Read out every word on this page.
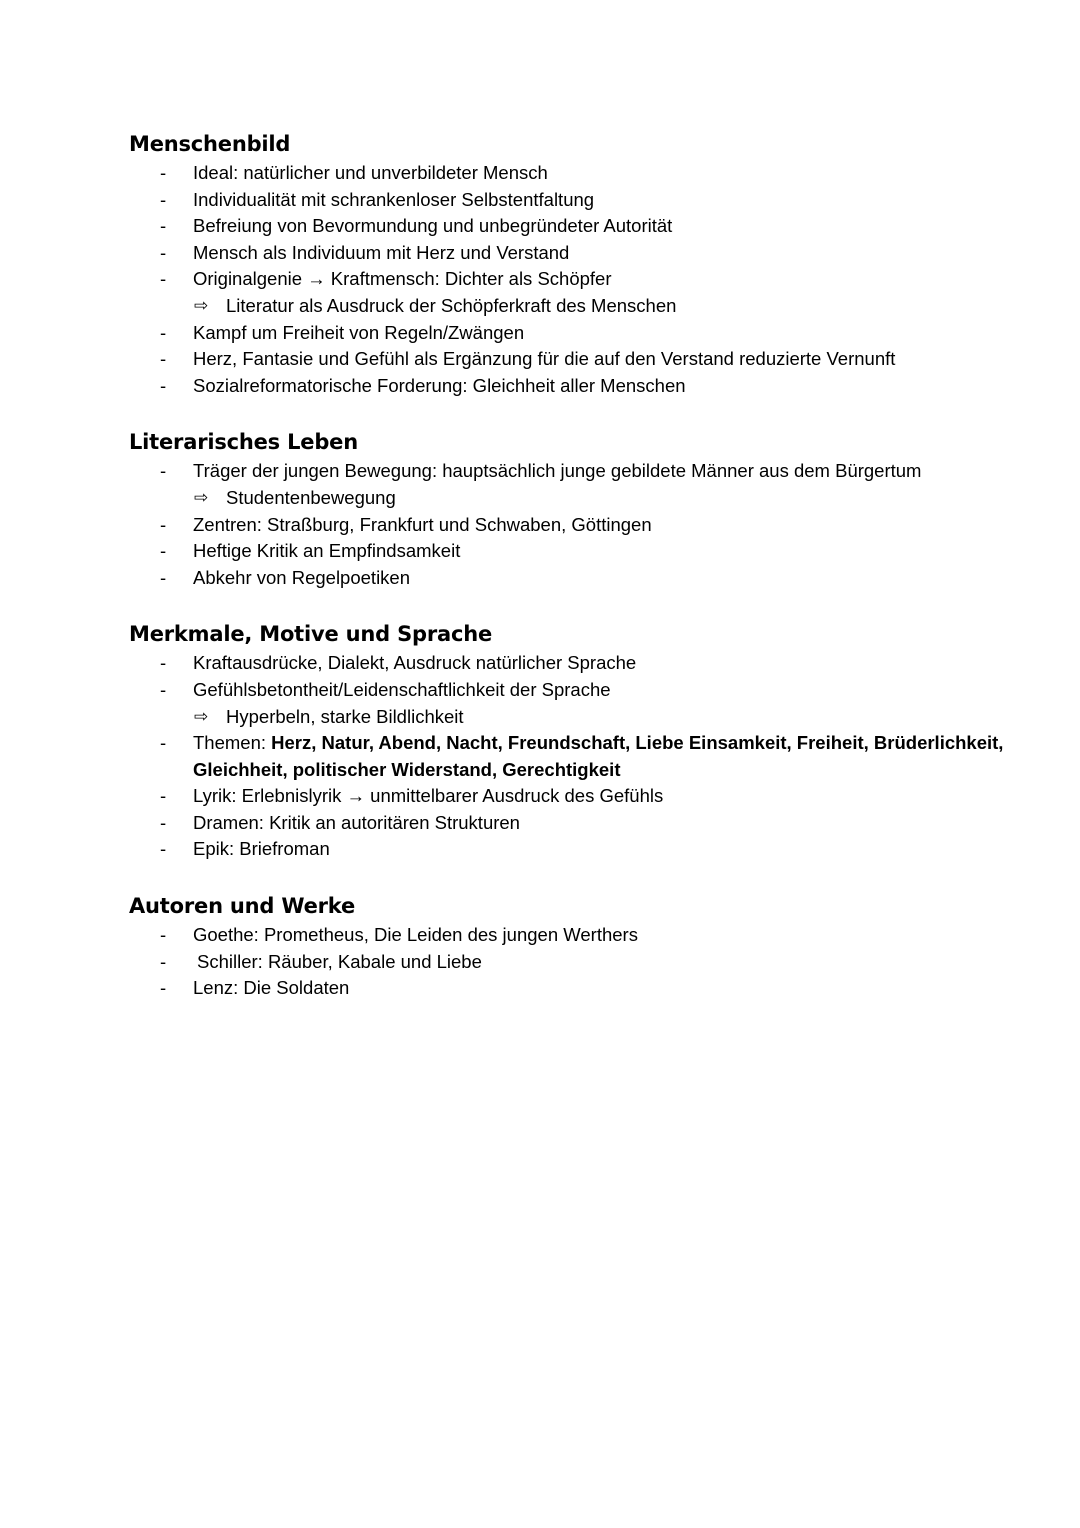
Menschenbild
- Ideal: natürlicher und unverbildeter Mensch
- Individualität mit schrankenloser Selbstentfaltung
- Befreiung von Bevormundung und unbegründeter Autorität
- Mensch als Individuum mit Herz und Verstand
- Originalgenie → Kraftmensch: Dichter als Schöpfer
⇨ Literatur als Ausdruck der Schöpferkraft des Menschen
- Kampf um Freiheit von Regeln/Zwängen
- Herz, Fantasie und Gefühl als Ergänzung für die auf den Verstand reduzierte Vernunft
- Sozialreformatorische Forderung: Gleichheit aller Menschen
Literarisches Leben
- Träger der jungen Bewegung: hauptsächlich junge gebildete Männer aus dem Bürgertum
⇨ Studentenbewegung
- Zentren: Straßburg, Frankfurt und Schwaben, Göttingen
- Heftige Kritik an Empfindsamkeit
- Abkehr von Regelpoetiken
Merkmale, Motive und Sprache
- Kraftausdrücke, Dialekt, Ausdruck natürlicher Sprache
- Gefühlsbetontheit/Leidenschaftlichkeit der Sprache
⇨ Hyperbeln, starke Bildlichkeit
- Themen: Herz, Natur, Abend, Nacht, Freundschaft, Liebe Einsamkeit, Freiheit, Brüderlichkeit, Gleichheit, politischer Widerstand, Gerechtigkeit
- Lyrik: Erlebnislyrik → unmittelbarer Ausdruck des Gefühls
- Dramen: Kritik an autoritären Strukturen
- Epik: Briefroman
Autoren und Werke
- Goethe: Prometheus, Die Leiden des jungen Werthers
- Schiller: Räuber, Kabale und Liebe
- Lenz: Die Soldaten
